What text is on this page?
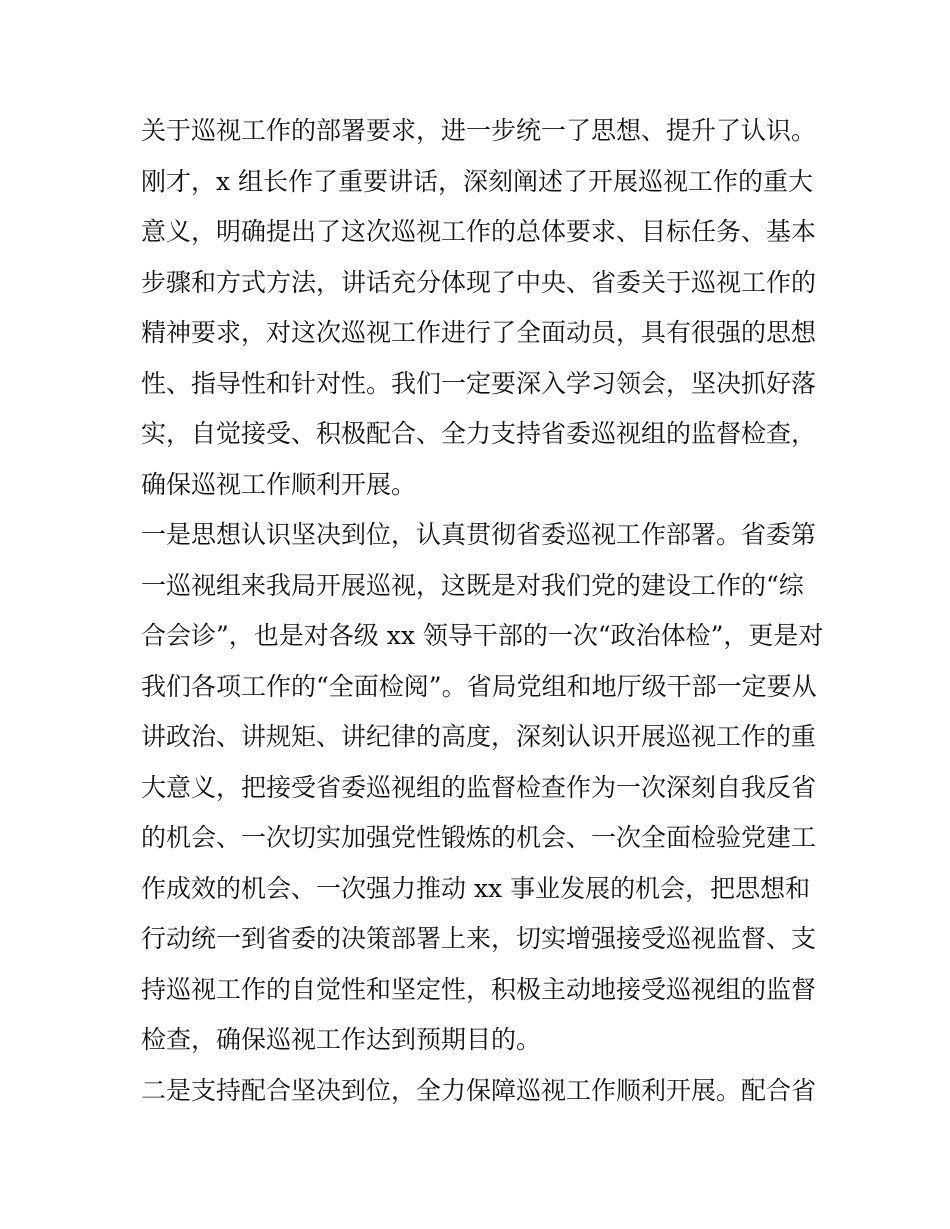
关于巡视工作的部署要求，进一步统一了思想、提升了认识。
刚才，x 组长作了重要讲话，深刻阐述了开展巡视工作的重大
意义，明确提出了这次巡视工作的总体要求、目标任务、基本
步骤和方式方法，讲话充分体现了中央、省委关于巡视工作的
精神要求，对这次巡视工作进行了全面动员，具有很强的思想
性、指导性和针对性。我们一定要深入学习领会，坚决抓好落
实，自觉接受、积极配合、全力支持省委巡视组的监督检查，
确保巡视工作顺利开展。
一是思想认识坚决到位，认真贯彻省委巡视工作部署。省委第
一巡视组来我局开展巡视，这既是对我们党的建设工作的“综
合会诊”，也是对各级 xx 领导干部的一次“政治体检”，更是对
我们各项工作的“全面检阅”。省局党组和地厅级干部一定要从
讲政治、讲规矩、讲纪律的高度，深刻认识开展巡视工作的重
大意义，把接受省委巡视组的监督检查作为一次深刻自我反省
的机会、一次切实加强党性锻炼的机会、一次全面检验党建工
作成效的机会、一次强力推动 xx 事业发展的机会，把思想和
行动统一到省委的决策部署上来，切实增强接受巡视监督、支
持巡视工作的自觉性和坚定性，积极主动地接受巡视组的监督
检查，确保巡视工作达到预期目的。
二是支持配合坚决到位，全力保障巡视工作顺利开展。配合省
